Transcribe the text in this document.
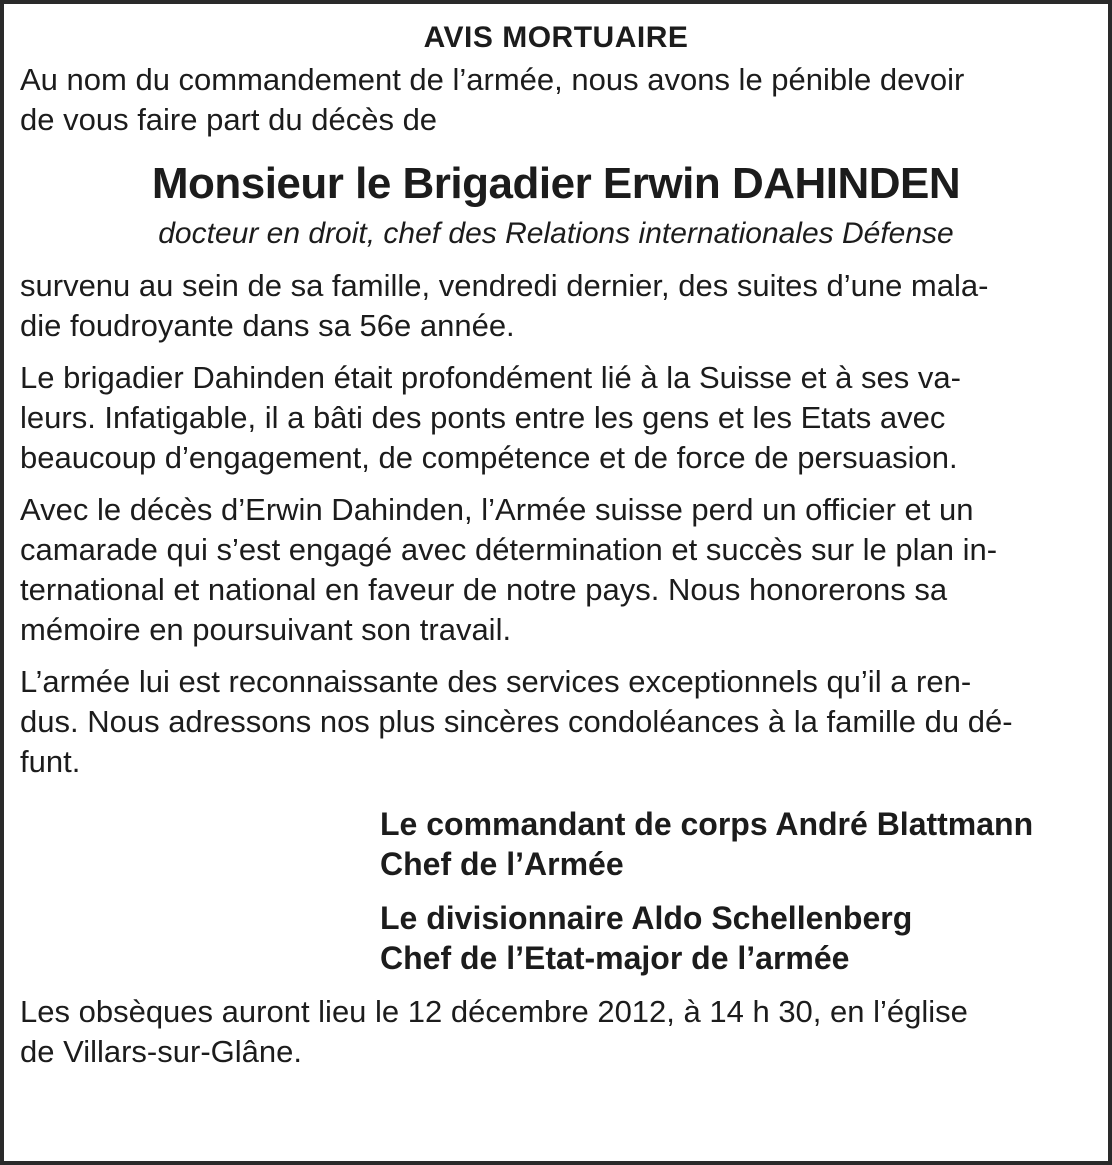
AVIS MORTUAIRE

Au nom du commandement de l’armée, nous avons le pénible devoir
de vous faire part du décès de

Monsieur le Brigadier Erwin DAHINDEN

docteur en droit, chef des Relations internationales Défense

survenu au sein de sa famille, vendredi dernier, des suites d’une mala-
die foudroyante dans sa 56e année.

Le brigadier Dahinden était profondément lié à la Suisse et à ses va-
leurs. Infatigable, il a bâti des ponts entre les gens et les Etats avec
beaucoup d’engagement, de compétence et de force de persuasion.

Avec le décès d’Erwin Dahinden, l’Armée suisse perd un officier et un
camarade qui s’est engagé avec détermination et succès sur le plan in-
ternational et national en faveur de notre pays. Nous honorerons sa
mémoire en poursuivant son travail.

L’armée lui est reconnaissante des services exceptionnels qu’il a ren-
dus. Nous adressons nos plus sincères condoléances à la famille du dé-
funt.

Le commandant de corps André Blattmann
Chef de l’Armée

Le divisionnaire Aldo Schellenberg
Chef de l’Etat-major de l’armée

Les obsèques auront lieu le 12 décembre 2012, à 14 h 30, en l’église
de Villars-sur-Glâne.
